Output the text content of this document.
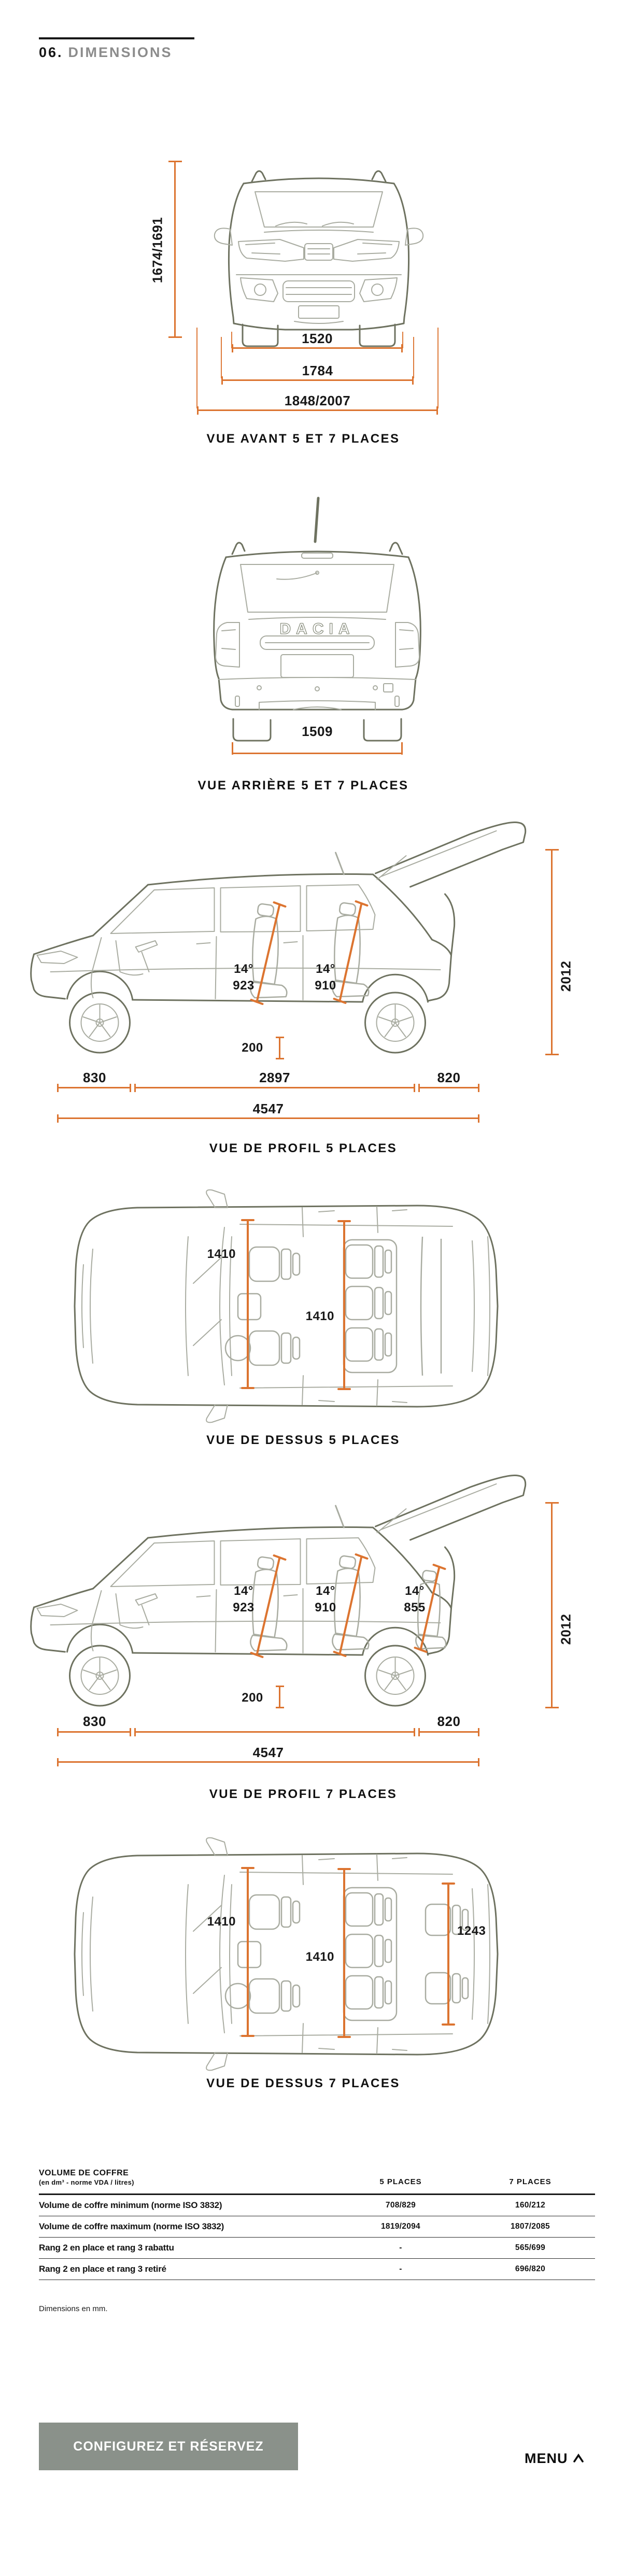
06. DIMENSIONS
1674/1691
1520
1784
1848/2007
VUE AVANT 5 ET 7 PLACES
DACIA
1509
VUE ARRIÈRE 5 ET 7 PLACES
14°
923
14°
910	2012
200
830	2897	820
4547
VUE DE PROFIL 5 PLACES
1410
1410
VUE DE DESSUS 5 PLACES
14°
923
14°
910
14°
855
2012
200
830	820
4547
VUE DE PROFIL 7 PLACES
1410
1410
1243
VUE DE DESSUS 7 PLACES
VOLUME DE COFFRE
(en dm³ - norme VDA / litres)	5 PLACES	7 PLACES
Volume de coffre minimum (norme ISO 3832)	708/829	160/212
Volume de coffre maximum (norme ISO 3832)	1819/2094	1807/2085
Rang 2 en place et rang 3 rabattu	-	565/699
Rang 2 en place et rang 3 retiré	-	696/820
Dimensions en mm.
CONFIGUREZ ET RÉSERVEZ
MENU
